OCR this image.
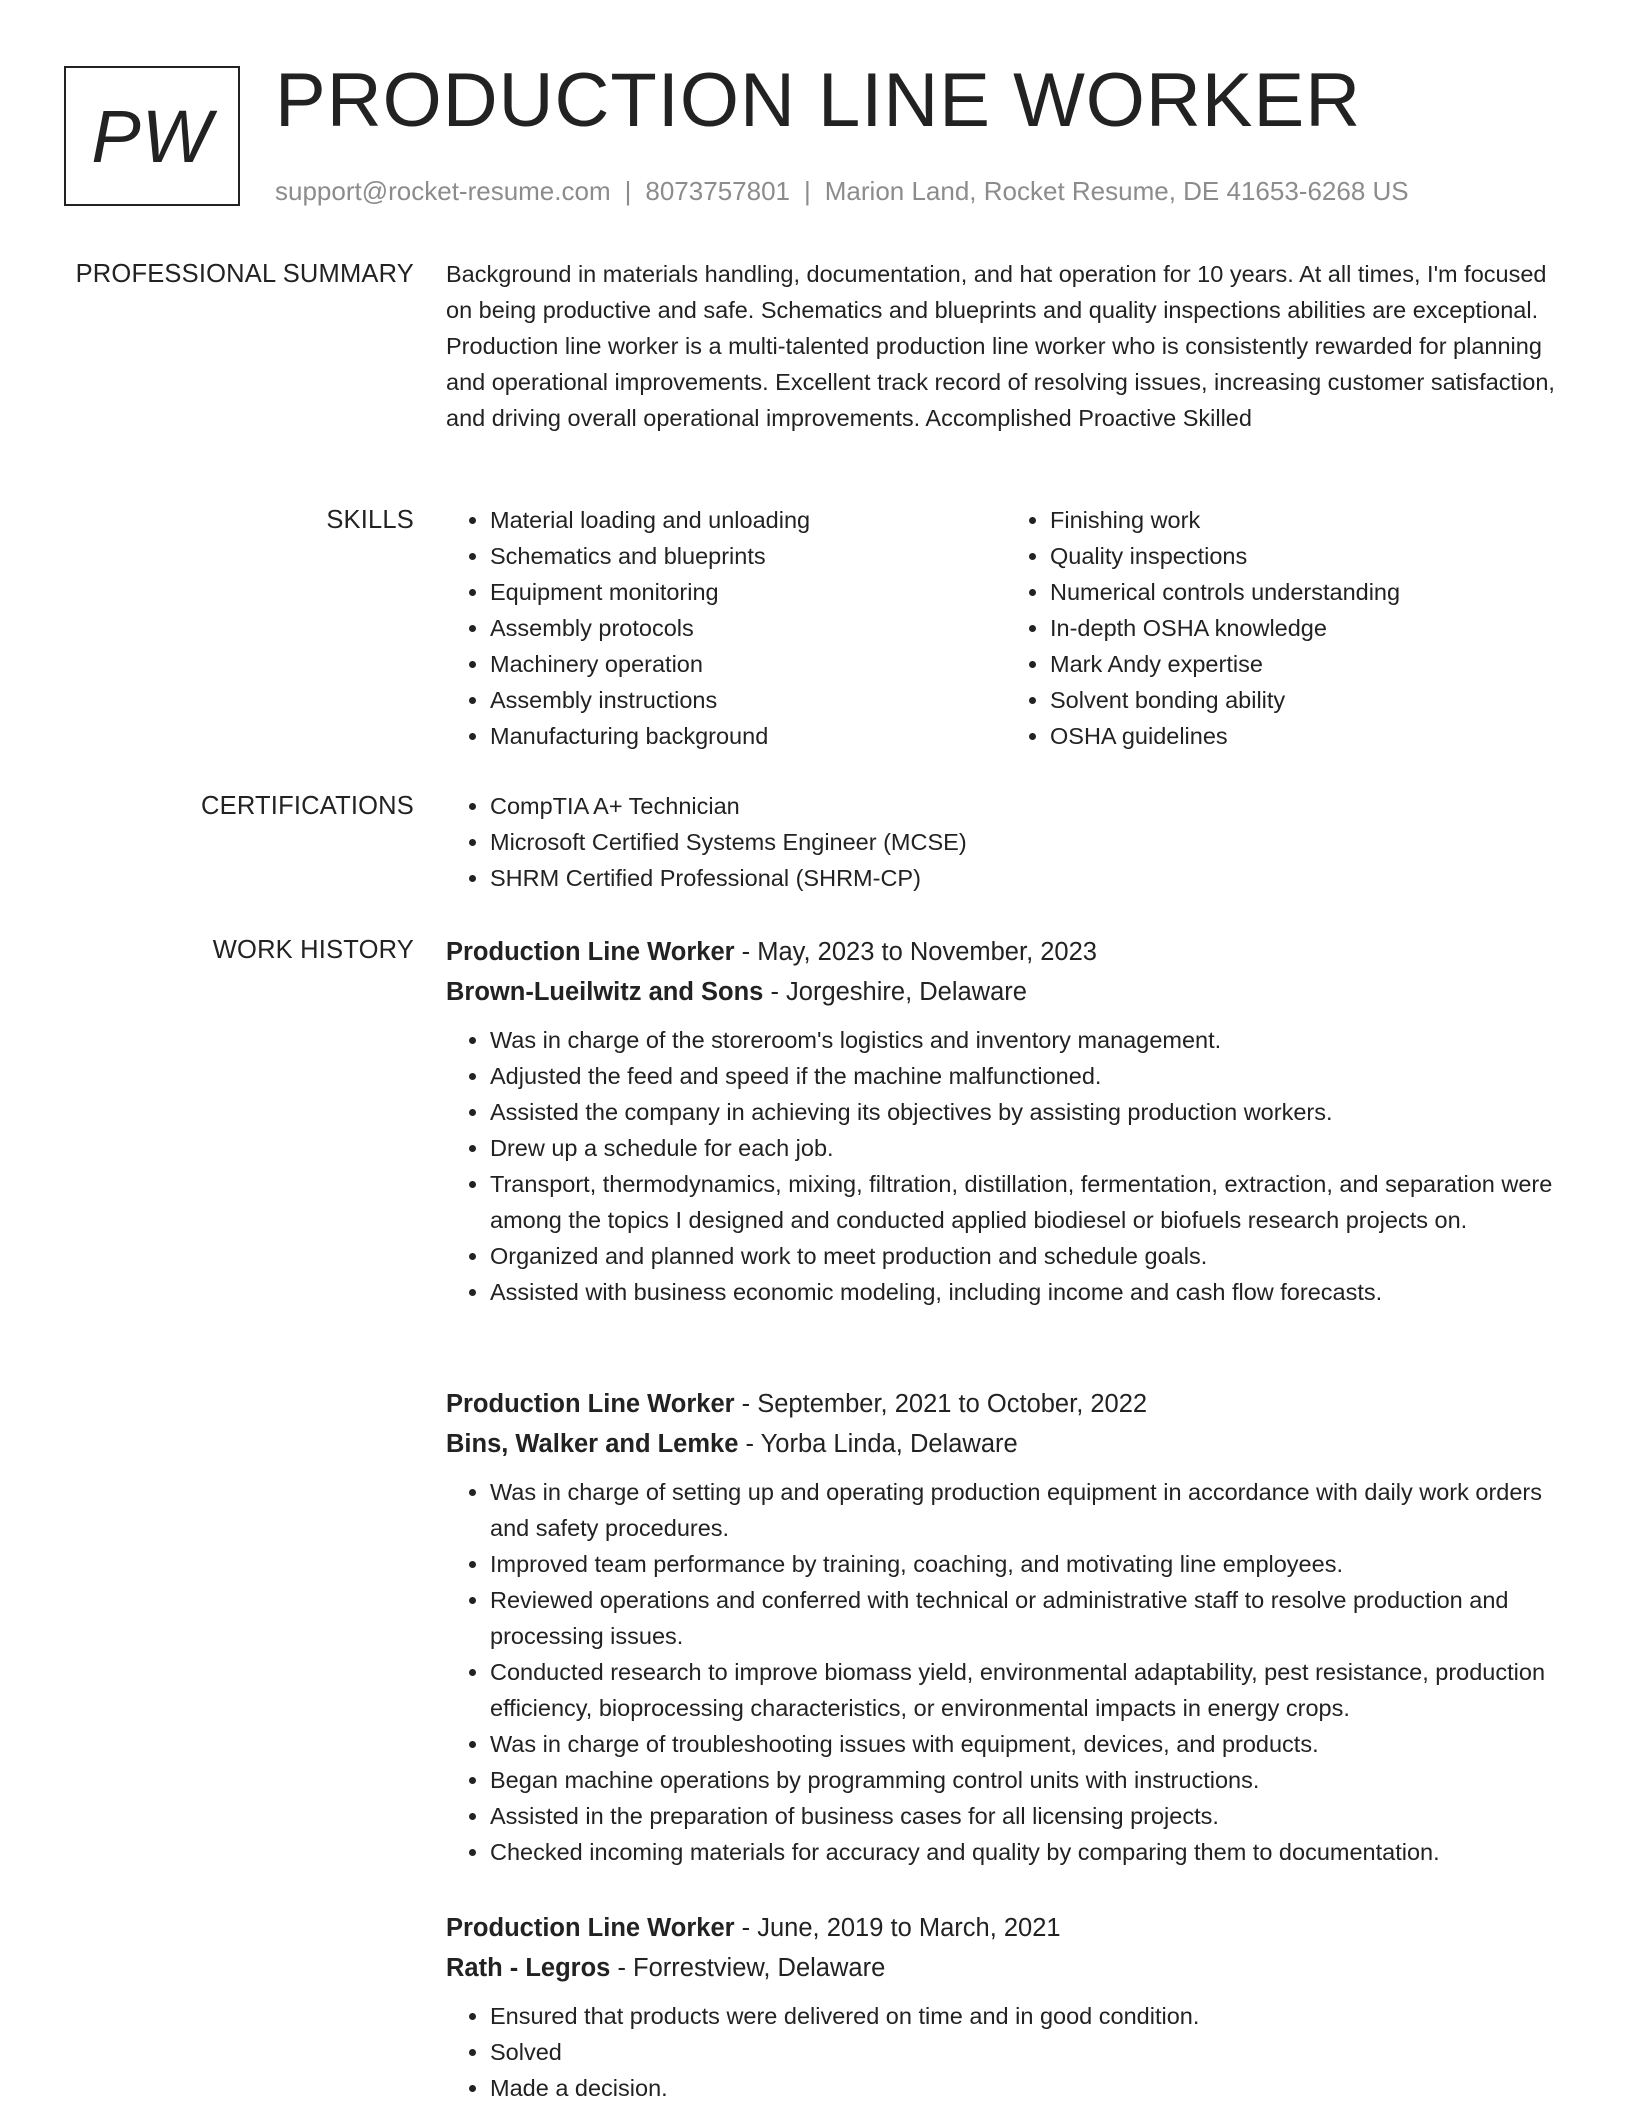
PW PRODUCTION LINE WORKER
support@rocket-resume.com | 8073757801 | Marion Land, Rocket Resume, DE 41653-6268 US
PROFESSIONAL SUMMARY Background in materials handling, documentation, and hat operation for 10 years. At all times, I'm focused on being productive and safe. Schematics and blueprints and quality inspections abilities are exceptional. Production line worker is a multi-talented production line worker who is consistently rewarded for planning and operational improvements. Excellent track record of resolving issues, increasing customer satisfaction, and driving overall operational improvements. Accomplished Proactive Skilled
SKILLS	• Material loading and unloading
• Schematics and blueprints
• Equipment monitoring
• Assembly protocols
• Machinery operation
• Assembly instructions
• Manufacturing background
• Finishing work
• Quality inspections
• Numerical controls understanding
• In-depth OSHA knowledge
• Mark Andy expertise
• Solvent bonding ability
• OSHA guidelines
CERTIFICATIONS	• CompTIA A+ Technician
• Microsoft Certified Systems Engineer (MCSE)
• SHRM Certified Professional (SHRM-CP)
WORK HISTORY Production Line Worker - May, 2023 to November, 2023
Brown-Lueilwitz and Sons - Jorgeshire, Delaware
• Was in charge of the storeroom's logistics and inventory management.
• Adjusted the feed and speed if the machine malfunctioned.
• Assisted the company in achieving its objectives by assisting production workers.
• Drew up a schedule for each job.
• Transport, thermodynamics, mixing, filtration, distillation, fermentation, extraction, and separation were among the topics I designed and conducted applied biodiesel or biofuels research projects on.
• Organized and planned work to meet production and schedule goals.
• Assisted with business economic modeling, including income and cash flow forecasts.
Production Line Worker - September, 2021 to October, 2022
Bins, Walker and Lemke - Yorba Linda, Delaware
• Was in charge of setting up and operating production equipment in accordance with daily work orders and safety procedures.
• Improved team performance by training, coaching, and motivating line employees.
• Reviewed operations and conferred with technical or administrative staff to resolve production and processing issues.
• Conducted research to improve biomass yield, environmental adaptability, pest resistance, production efficiency, bioprocessing characteristics, or environmental impacts in energy crops.
• Was in charge of troubleshooting issues with equipment, devices, and products.
• Began machine operations by programming control units with instructions.
• Assisted in the preparation of business cases for all licensing projects.
• Checked incoming materials for accuracy and quality by comparing them to documentation.
Production Line Worker - June, 2019 to March, 2021
Rath - Legros - Forrestview, Delaware
• Ensured that products were delivered on time and in good condition.
• Solved
• Made a decision.
